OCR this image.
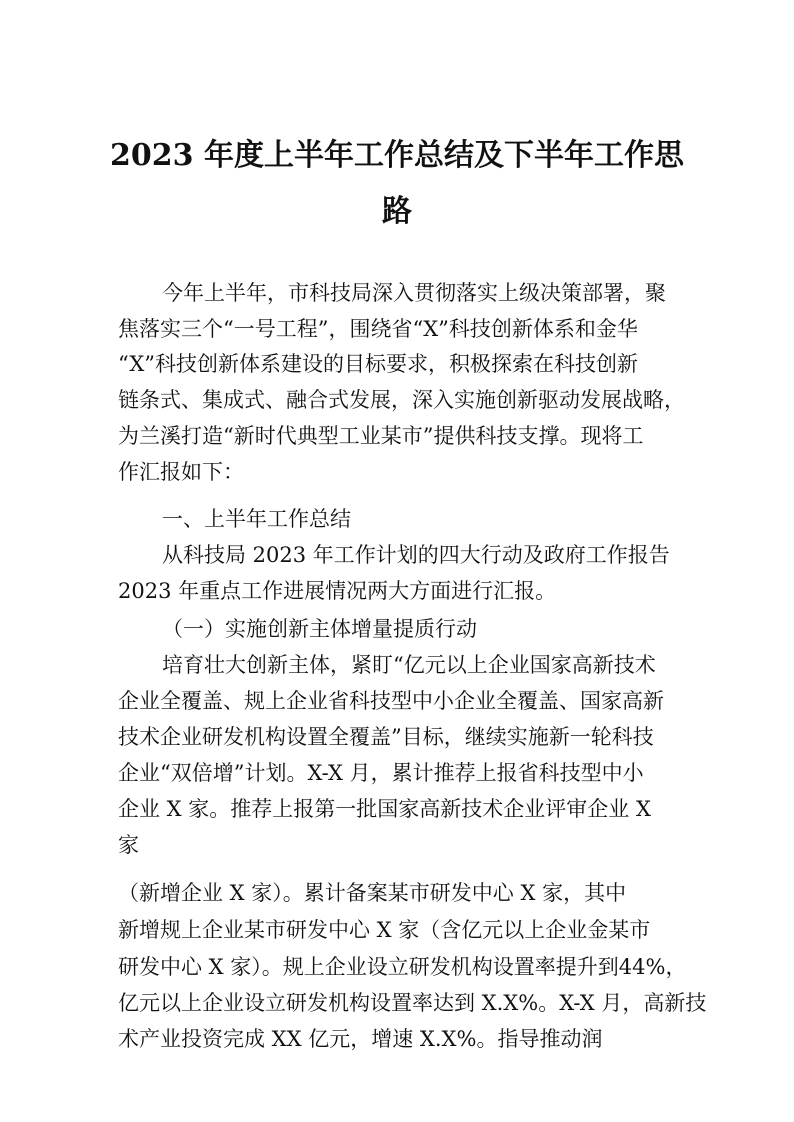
2023 年度上半年工作总结及下半年工作思
路
今年上半年，市科技局深入贯彻落实上级决策部署，聚
焦落实三个“一号工程”，围绕省“X”科技创新体系和金华
“X”科技创新体系建设的目标要求，积极探索在科技创新
链条式、集成式、融合式发展，深入实施创新驱动发展战略，
为兰溪打造“新时代典型工业某市”提供科技支撑。现将工
作汇报如下：
一、上半年工作总结
从科技局 2023 年工作计划的四大行动及政府工作报告
2023 年重点工作进展情况两大方面进行汇报。
（一）实施创新主体增量提质行动
培育壮大创新主体，紧盯“亿元以上企业国家高新技术
企业全覆盖、规上企业省科技型中小企业全覆盖、国家高新
技术企业研发机构设置全覆盖”目标，继续实施新一轮科技
企业“双倍增”计划。X-X 月，累计推荐上报省科技型中小
企业 X 家。推荐上报第一批国家高新技术企业评审企业 X
家
（新增企业 X 家）。累计备案某市研发中心 X 家，其中
新增规上企业某市研发中心 X 家（含亿元以上企业金某市
研发中心 X 家）。规上企业设立研发机构设置率提升到44%，
亿元以上企业设立研发机构设置率达到 X.X%。X-X 月，高新技
术产业投资完成 XX 亿元，增速 X.X%。指导推动润
